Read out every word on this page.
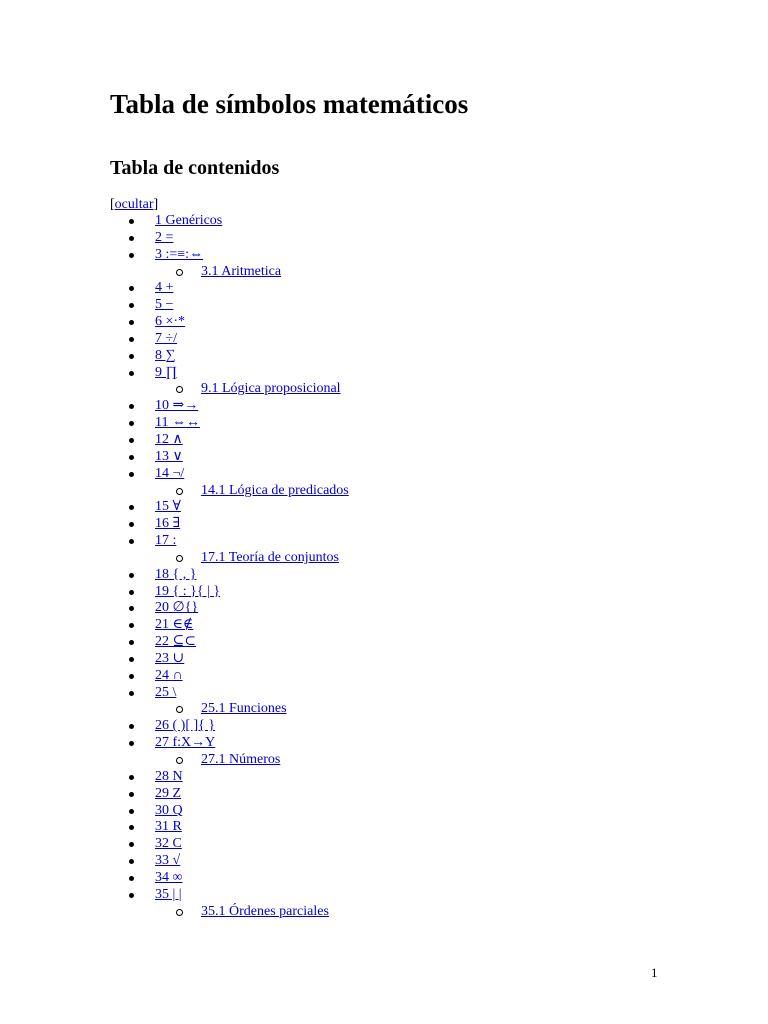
Tabla de símbolos matemáticos
Tabla de contenidos
[ocultar]
1 Genéricos
2 =
3 :=≡:⇔
3.1 Aritmetica
4 +
5 −
6 ×·*
7 ÷/
8 ∑
9 ∏
9.1 Lógica proposicional
10 ⇒→
11 ⇔↔
12 ∧
13 ∨
14 ¬/
14.1 Lógica de predicados
15 ∀
16 ∃
17 :
17.1 Teoría de conjuntos
18 { , }
19 { : }{ | }
20 ∅{}
21 ∈∉
22 ⊆⊂
23 ∪
24 ∩
25 \
25.1 Funciones
26 ( )[ ]{ }
27 f:X→Y
27.1 Números
28 N
29 Z
30 Q
31 R
32 C
33 √
34 ∞
35 | |
35.1 Órdenes parciales
1
